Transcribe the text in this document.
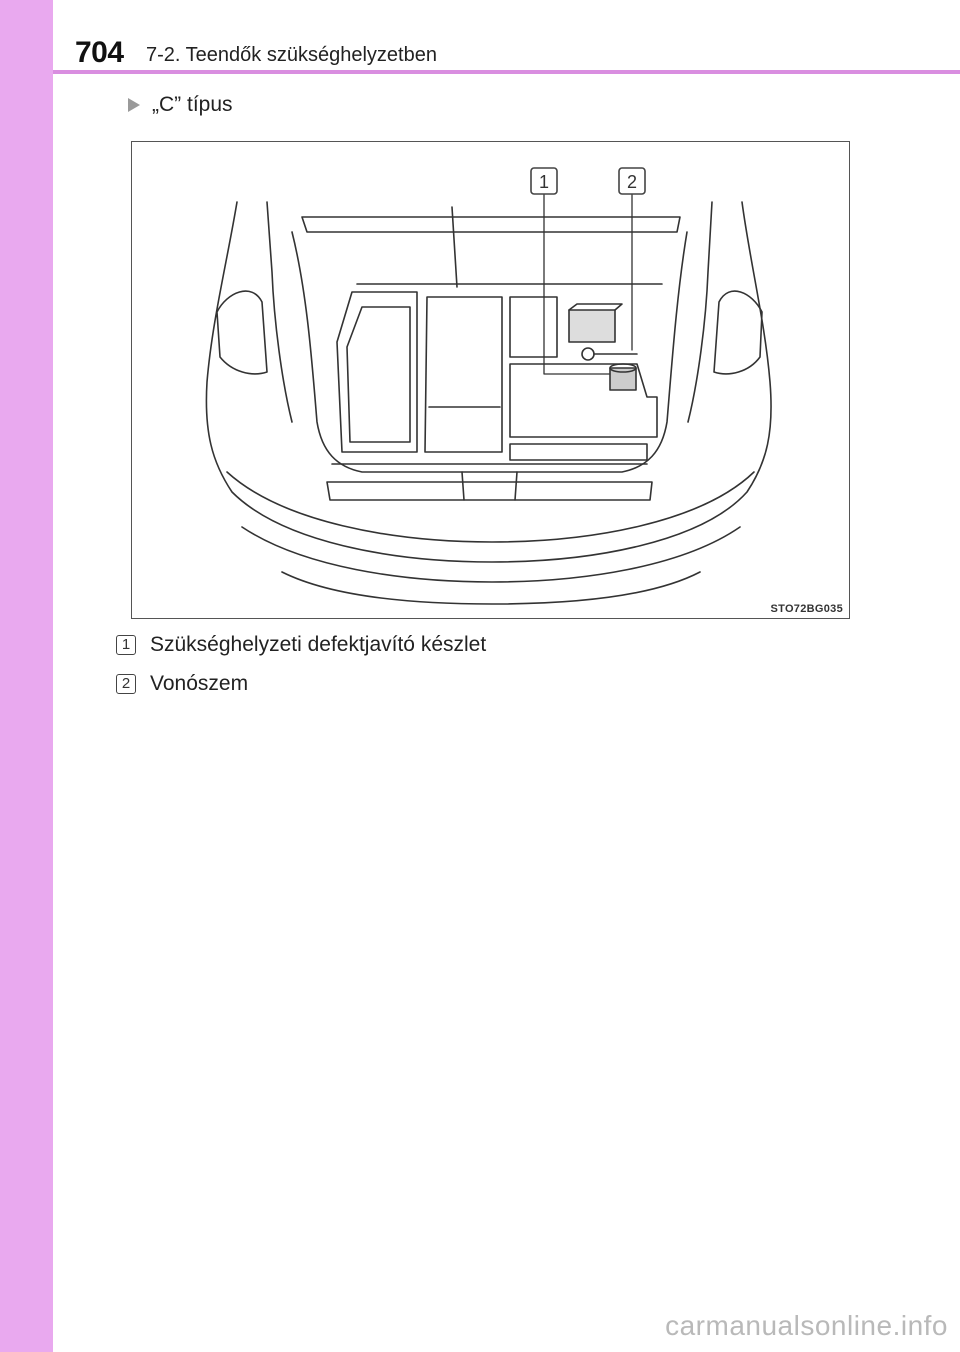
704 7-2. Teendők szükséghelyzetben
„C” típus
1	2
STO72BG035
1 Szükséghelyzeti defektjavító készlet
2 Vonószem
carmanualsonline.info
